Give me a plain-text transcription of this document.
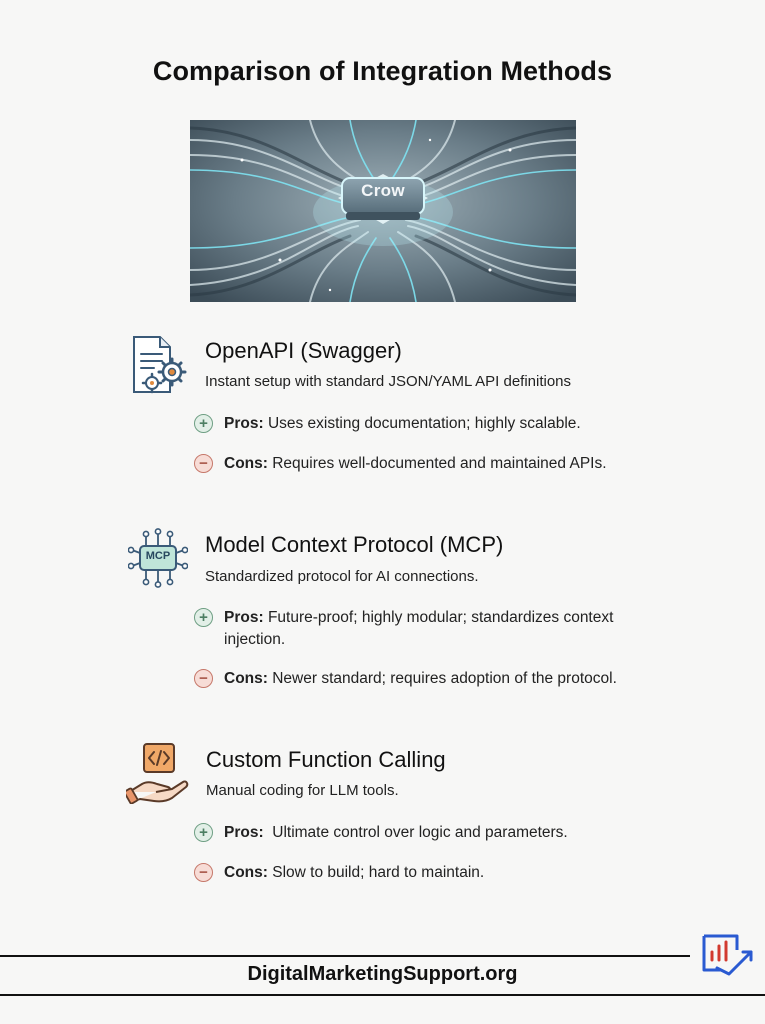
Comparison of Integration Methods
Crow
OpenAPI (Swagger)
Instant setup with standard JSON/YAML API definitions
+	Pros: Uses existing documentation; highly scalable.
−	Cons: Requires well-documented and maintained APIs.
MCP Model Context Protocol (MCP)
Standardized protocol for AI connections.
+	Pros: Future-proof; highly modular; standardizes context
injection.
−	Cons: Newer standard; requires adoption of the protocol.
Custom Function Calling
Manual coding for LLM tools.
+	Pros: Ultimate control over logic and parameters.
−	Cons: Slow to build; hard to maintain.
DigitalMarketingSupport.org
